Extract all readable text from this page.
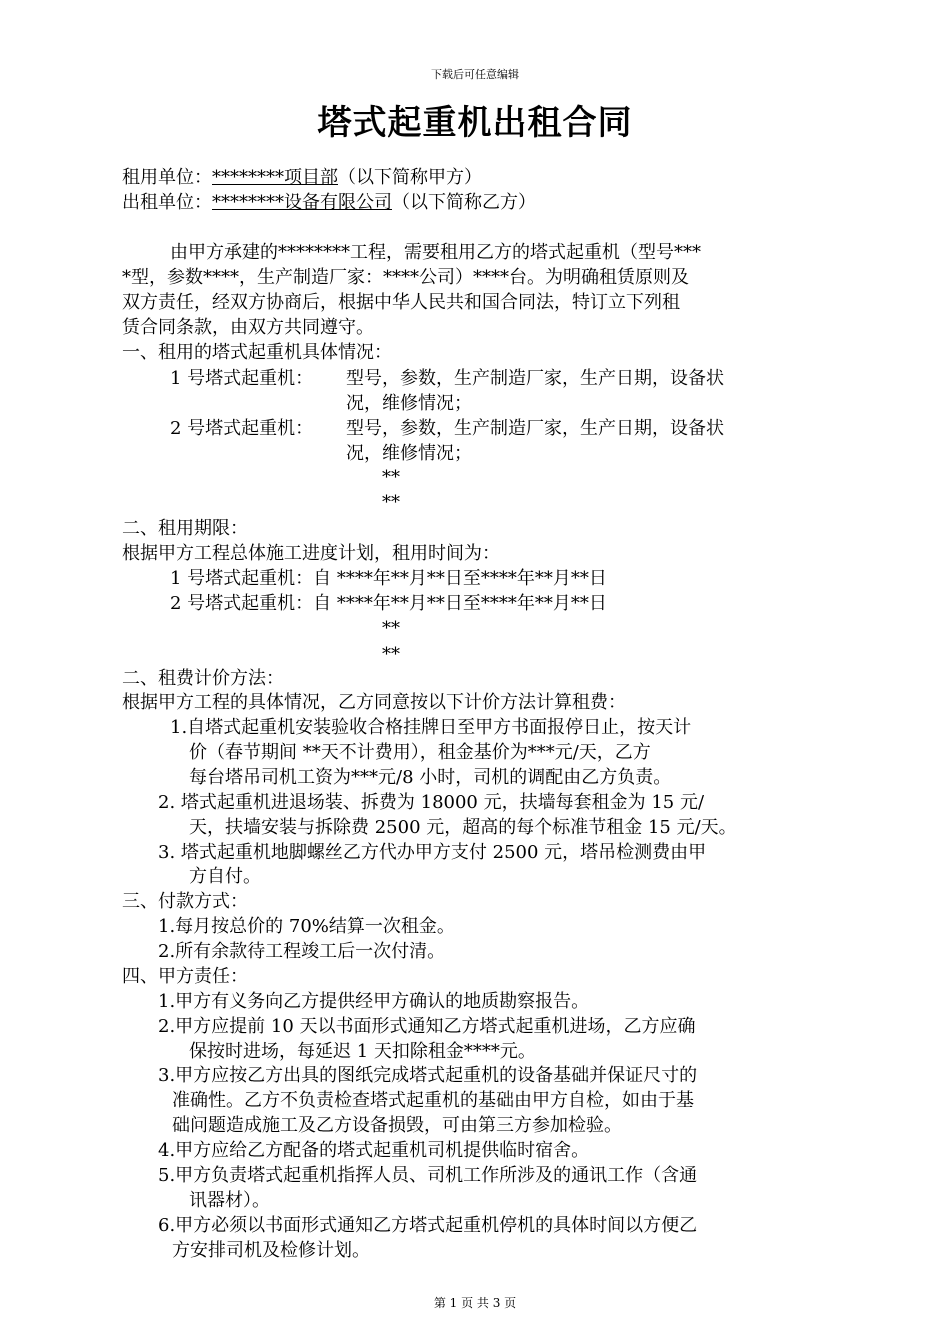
下载后可任意编辑
塔式起重机出租合同
租用单位：********项目部（以下简称甲方）
出租单位：********设备有限公司（以下简称乙方）
由甲方承建的********工程，需要租用乙方的塔式起重机（型号***
*型，参数****，生产制造厂家：****公司）****台。为明确租赁原则及
双方责任，经双方协商后，根据中华人民共和国合同法，特订立下列租
赁合同条款，由双方共同遵守。
一、租用的塔式起重机具体情况：
1 号塔式起重机： 型号，参数，生产制造厂家，生产日期，设备状
况，维修情况；
2 号塔式起重机： 型号，参数，生产制造厂家，生产日期，设备状
况，维修情况；
**
**
二、租用期限：
根据甲方工程总体施工进度计划，租用时间为：
1 号塔式起重机：自 ****年**月**日至****年**月**日
2 号塔式起重机：自 ****年**月**日至****年**月**日
**
**
二、租费计价方法：
根据甲方工程的具体情况，乙方同意按以下计价方法计算租费：
1.自塔式起重机安装验收合格挂牌日至甲方书面报停日止，按天计
价（春节期间 **天不计费用），租金基价为***元/天，乙方
每台塔吊司机工资为***元/8 小时，司机的调配由乙方负责。
2. 塔式起重机进退场装、拆费为 18000 元，扶墙每套租金为 15 元/
天，扶墙安装与拆除费 2500 元，超高的每个标准节租金 15 元/天。
3. 塔式起重机地脚螺丝乙方代办甲方支付 2500 元，塔吊检测费由甲
方自付。
三、付款方式：
1.每月按总价的 70%结算一次租金。
2.所有余款待工程竣工后一次付清。
四、甲方责任：
1.甲方有义务向乙方提供经甲方确认的地质勘察报告。
2.甲方应提前 10 天以书面形式通知乙方塔式起重机进场，乙方应确
保按时进场，每延迟 1 天扣除租金****元。
3.甲方应按乙方出具的图纸完成塔式起重机的设备基础并保证尺寸的
准确性。乙方不负责检查塔式起重机的基础由甲方自检，如由于基
础问题造成施工及乙方设备损毁，可由第三方参加检验。
4.甲方应给乙方配备的塔式起重机司机提供临时宿舍。
5.甲方负责塔式起重机指挥人员、司机工作所涉及的通讯工作（含通
讯器材）。
6.甲方必须以书面形式通知乙方塔式起重机停机的具体时间以方便乙
方安排司机及检修计划。
第 1 页 共 3 页
